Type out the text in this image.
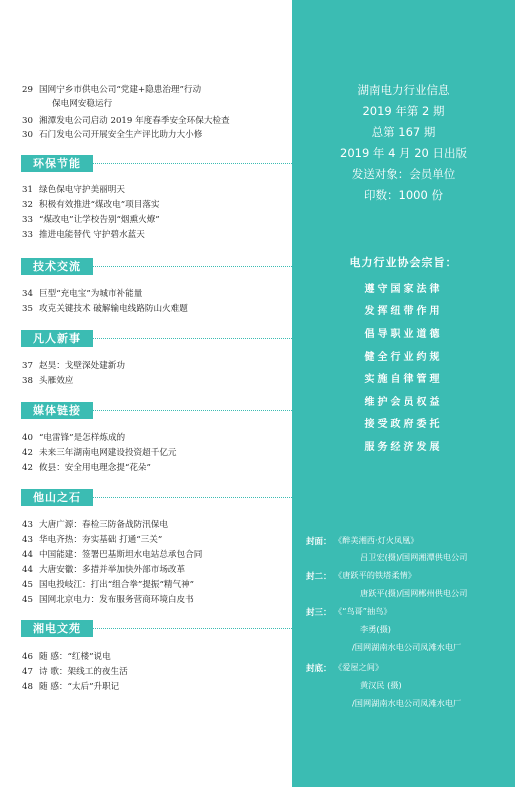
29 国网宁乡市供电公司“党建+隐患治理”行动
保电网安稳运行
30 湘潭发电公司启动 2019 年度春季安全环保大检查
30 石门发电公司开展安全生产评比助力大小修
环保节能
31 绿色保电守护美丽明天
32 积极有效推进“煤改电”项目落实
33 “煤改电”让学校告别“烟熏火燎”
33 推进电能替代 守护碧水蓝天
技术交流
34 巨型“充电宝”为城市补能量
35 攻克关键技术 破解输电线路防山火难题
凡人新事
37 赵昊：戈壁深处建新功
38 头雁效应
媒体链接
40 “电雷锋”是怎样炼成的
42 未来三年湖南电网建设投资超千亿元
42 攸县：安全用电理念提“花朵”
他山之石
43 大唐广源：春检三防备战防汛保电
43 华电齐热：夯实基础 打通“三关”
44 中国能建：签署巴基斯坦水电站总承包合同
44 大唐安徽：多措并举加快外部市场改革
45 国电投岐江：打出“组合拳”提振“精气神”
45 国网北京电力：发布服务营商环境白皮书
湘电文苑
46 随 感：“红楼”说电
47 诗 歌：架线工的夜生活
48 随 感：“太后”升职记
湖南电力行业信息
2019 年第 2 期
总第 167 期
2019 年 4 月 20 日出版
发送对象：会员单位
印数：1000 份
电力行业协会宗旨：
遵守国家法律
发挥纽带作用
倡导职业道德
健全行业约规
实施自律管理
维护会员权益
接受政府委托
服务经济发展
封面： 《醉美湘西·灯火凤凰》
吕卫宏(摄)/国网湘潭供电公司
封二： 《唐跃平的铁塔柔情》
唐跃平(摄)/国网郴州供电公司
封三： 《“鸟哥”抽鸟》
李勇(摄)
/国网湖南水电公司凤滩水电厂
封底： 《爱屋之间》
黄汉民 (摄)
/国网湖南水电公司凤滩水电厂
